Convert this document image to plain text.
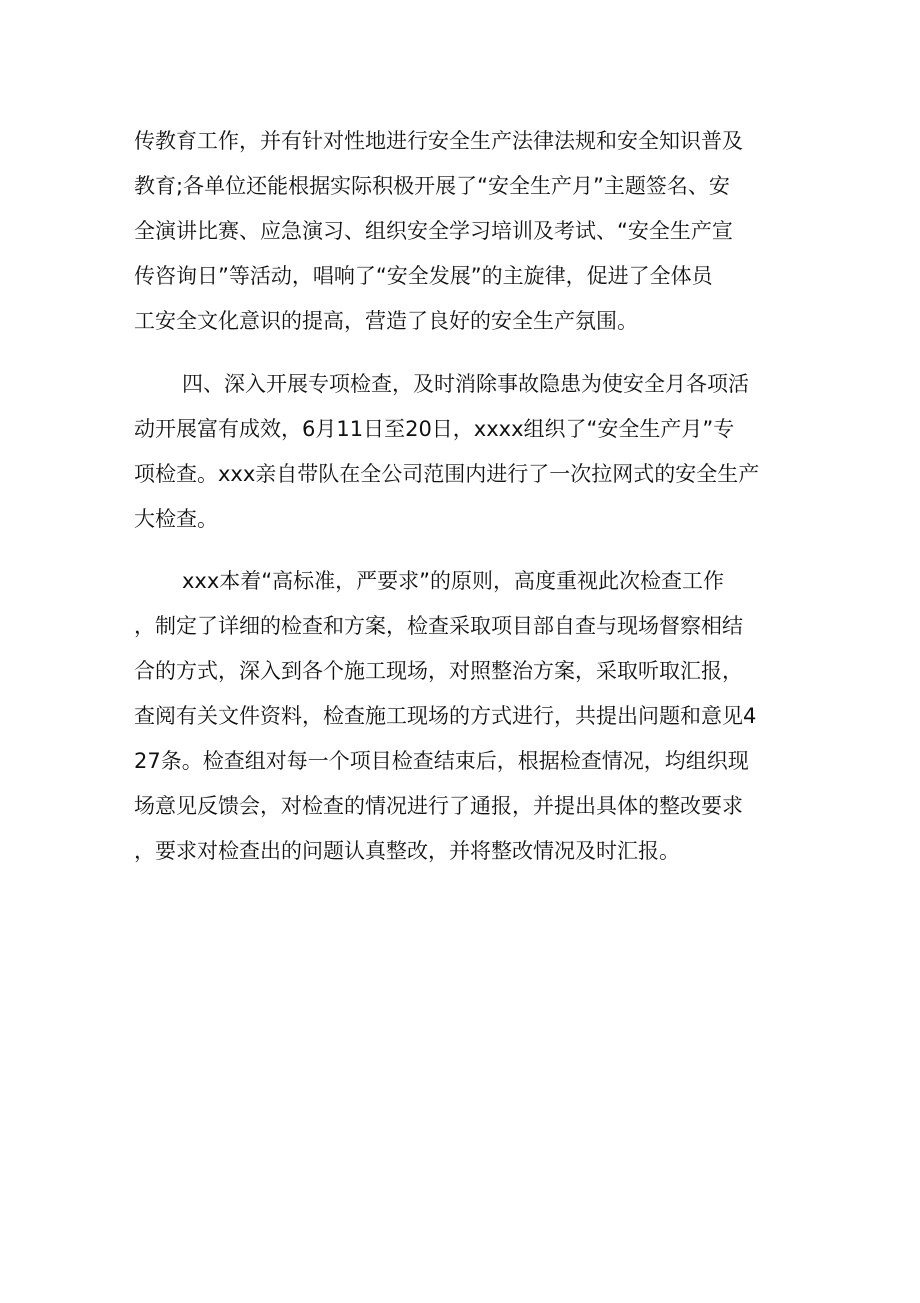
传教育工作，并有针对性地进行安全生产法律法规和安全知识普及

教育;各单位还能根据实际积极开展了“安全生产月”主题签名、安

全演讲比赛、应急演习、组织安全学习培训及考试、“安全生产宣

传咨询日”等活动，唱响了“安全发展”的主旋律，促进了全体员

工安全文化意识的提高，营造了良好的安全生产氛围。

四、深入开展专项检查，及时消除事故隐患为使安全月各项活

动开展富有成效，6月11日至20日，xxxx组织了“安全生产月”专

项检查。xxx亲自带队在全公司范围内进行了一次拉网式的安全生产

大检查。

xxx本着“高标准，严要求”的原则，高度重视此次检查工作

，制定了详细的检查和方案，检查采取项目部自查与现场督察相结

合的方式，深入到各个施工现场，对照整治方案，采取听取汇报，

查阅有关文件资料，检查施工现场的方式进行，共提出问题和意见4

27条。检查组对每一个项目检查结束后，根据检查情况，均组织现

场意见反馈会，对检查的情况进行了通报，并提出具体的整改要求

，要求对检查出的问题认真整改，并将整改情况及时汇报。
